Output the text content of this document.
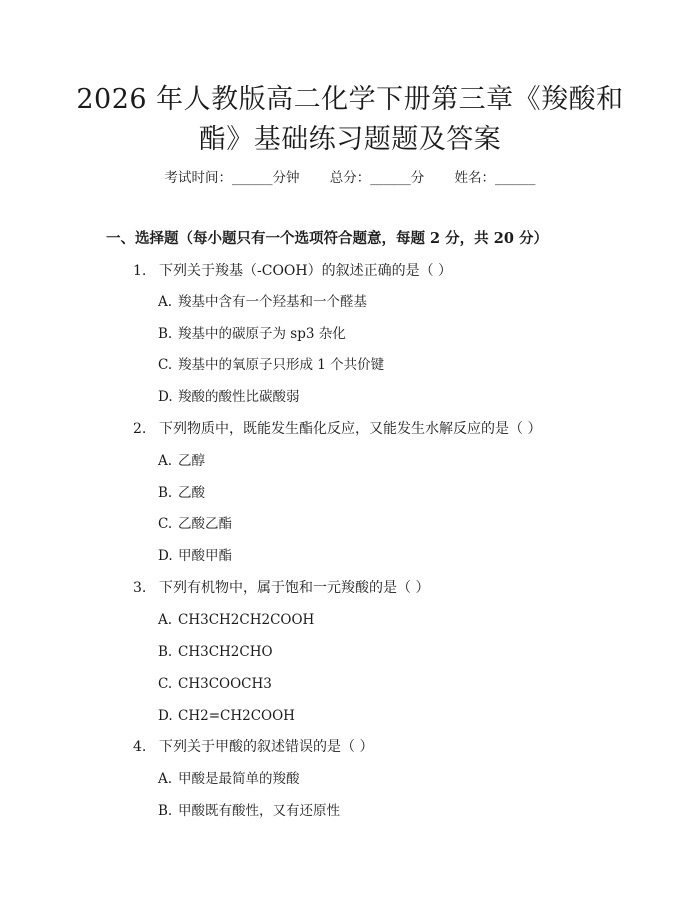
2026 年人教版高二化学下册第三章《羧酸和
酯》基础练习题题及答案
考试时间：______分钟 总分：______分 姓名：______
一、选择题（每小题只有一个选项符合题意，每题 2 分，共 20 分）
1. 下列关于羧基（-COOH）的叙述正确的是（ ）
A. 羧基中含有一个羟基和一个醛基
B. 羧基中的碳原子为 sp3 杂化
C. 羧基中的氧原子只形成 1 个共价键
D. 羧酸的酸性比碳酸弱
2. 下列物质中，既能发生酯化反应，又能发生水解反应的是（ ）
A. 乙醇
B. 乙酸
C. 乙酸乙酯
D. 甲酸甲酯
3. 下列有机物中，属于饱和一元羧酸的是（ ）
A. CH3CH2CH2COOH
B. CH3CH2CHO
C. CH3COOCH3
D. CH2=CH2COOH
4. 下列关于甲酸的叙述错误的是（ ）
A. 甲酸是最简单的羧酸
B. 甲酸既有酸性，又有还原性
